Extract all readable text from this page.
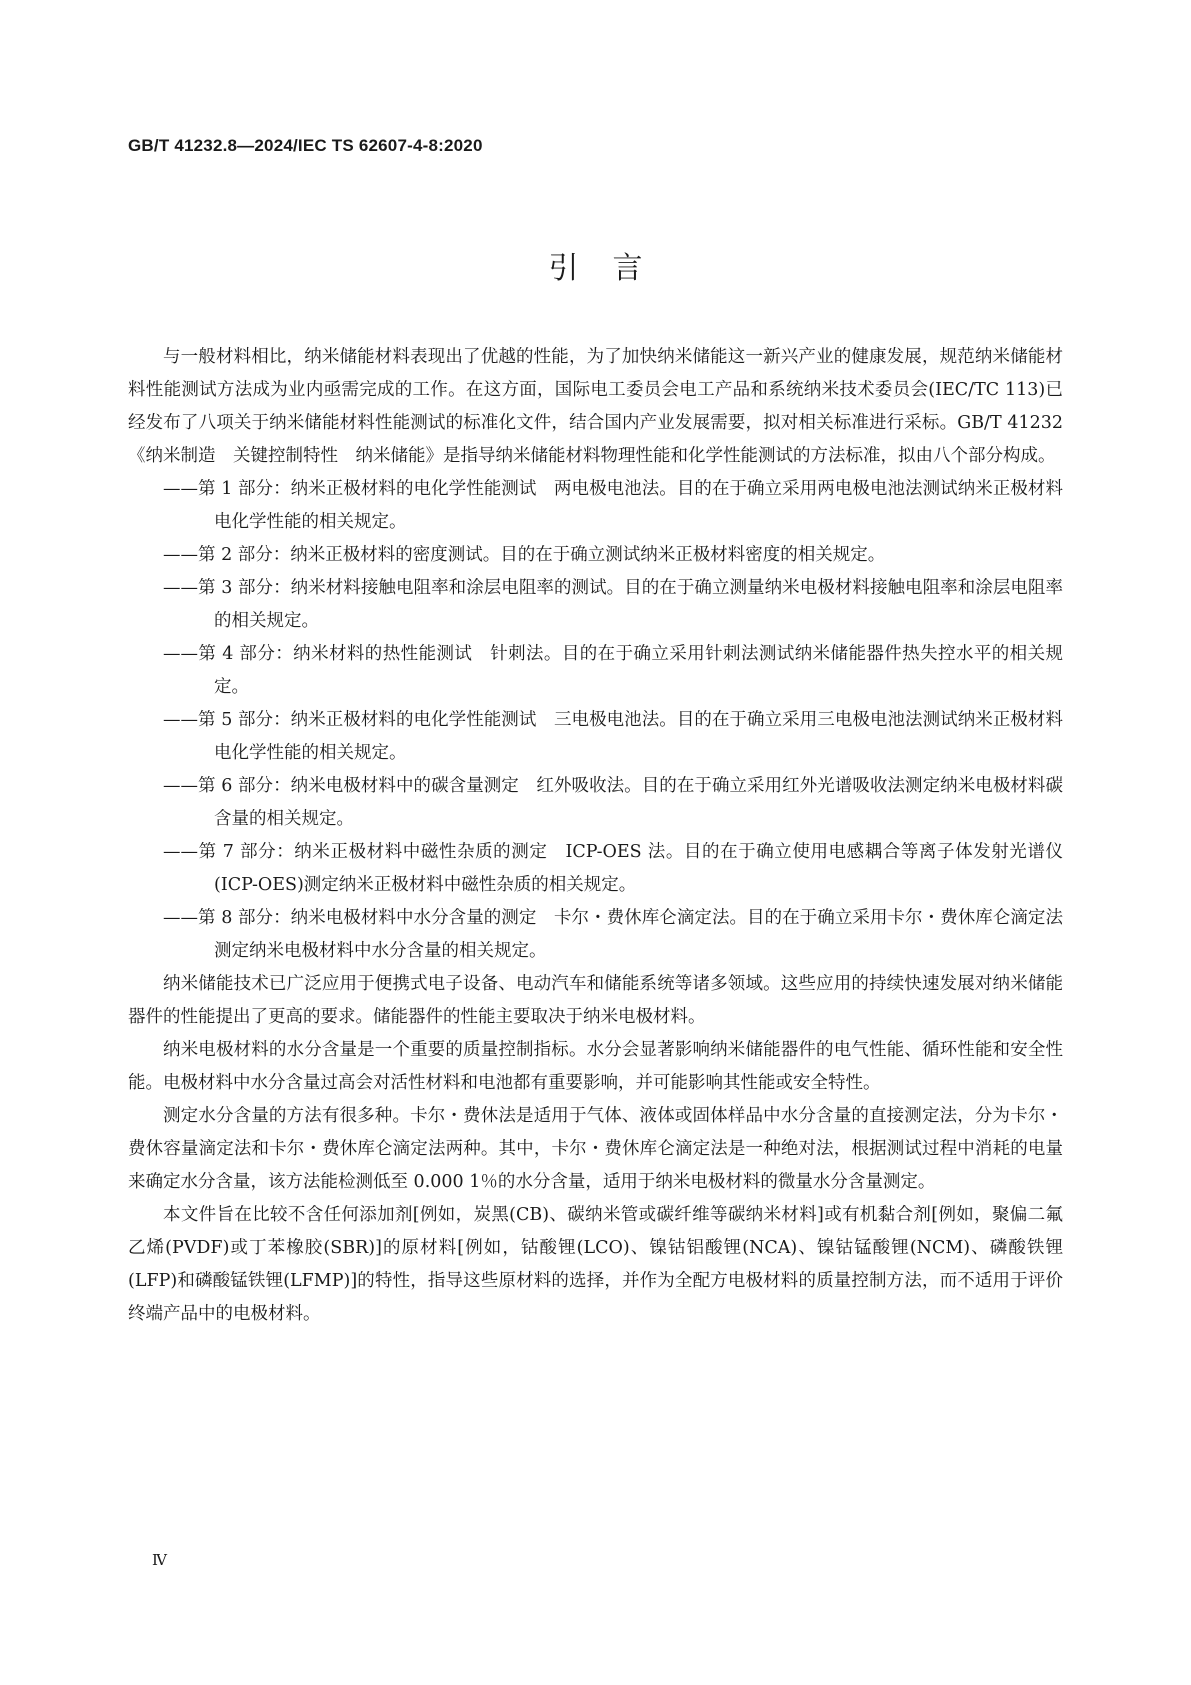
GB/T 41232.8—2024/IEC TS 62607-4-8:2020
引言

与一般材料相比，纳米储能材料表现出了优越的性能，为了加快纳米储能这一新兴产业的健康发展，规范纳米储能材料性能测试方法成为业内亟需完成的工作。在这方面，国际电工委员会电工产品和系统纳米技术委员会(IEC/TC 113)已经发布了八项关于纳米储能材料性能测试的标准化文件，结合国内产业发展需要，拟对相关标准进行采标。GB/T 41232《纳米制造　关键控制特性　纳米储能》是指导纳米储能材料物理性能和化学性能测试的方法标准，拟由八个部分构成。

——第 1 部分：纳米正极材料的电化学性能测试　两电极电池法。目的在于确立采用两电极电池法测试纳米正极材料电化学性能的相关规定。

——第 2 部分：纳米正极材料的密度测试。目的在于确立测试纳米正极材料密度的相关规定。

——第 3 部分：纳米材料接触电阻率和涂层电阻率的测试。目的在于确立测量纳米电极材料接触电阻率和涂层电阻率的相关规定。

——第 4 部分：纳米材料的热性能测试　针刺法。目的在于确立采用针刺法测试纳米储能器件热失控水平的相关规定。

——第 5 部分：纳米正极材料的电化学性能测试　三电极电池法。目的在于确立采用三电极电池法测试纳米正极材料电化学性能的相关规定。

——第 6 部分：纳米电极材料中的碳含量测定　红外吸收法。目的在于确立采用红外光谱吸收法测定纳米电极材料碳含量的相关规定。

——第 7 部分：纳米正极材料中磁性杂质的测定　ICP-OES 法。目的在于确立使用电感耦合等离子体发射光谱仪(ICP-OES)测定纳米正极材料中磁性杂质的相关规定。

——第 8 部分：纳米电极材料中水分含量的测定　卡尔・费休库仑滴定法。目的在于确立采用卡尔・费休库仑滴定法测定纳米电极材料中水分含量的相关规定。

纳米储能技术已广泛应用于便携式电子设备、电动汽车和储能系统等诸多领域。这些应用的持续快速发展对纳米储能器件的性能提出了更高的要求。储能器件的性能主要取决于纳米电极材料。

纳米电极材料的水分含量是一个重要的质量控制指标。水分会显著影响纳米储能器件的电气性能、循环性能和安全性能。电极材料中水分含量过高会对活性材料和电池都有重要影响，并可能影响其性能或安全特性。

测定水分含量的方法有很多种。卡尔・费休法是适用于气体、液体或固体样品中水分含量的直接测定法，分为卡尔・费休容量滴定法和卡尔・费休库仑滴定法两种。其中，卡尔・费休库仑滴定法是一种绝对法，根据测试过程中消耗的电量来确定水分含量，该方法能检测低至 0.000 1％的水分含量，适用于纳米电极材料的微量水分含量测定。

本文件旨在比较不含任何添加剂[例如，炭黑(CB)、碳纳米管或碳纤维等碳纳米材料]或有机黏合剂[例如，聚偏二氟乙烯(PVDF)或丁苯橡胶(SBR)]的原材料[例如，钴酸锂(LCO)、镍钴铝酸锂(NCA)、镍钴锰酸锂(NCM)、磷酸铁锂(LFP)和磷酸锰铁锂(LFMP)]的特性，指导这些原材料的选择，并作为全配方电极材料的质量控制方法，而不适用于评价终端产品中的电极材料。

Ⅳ
